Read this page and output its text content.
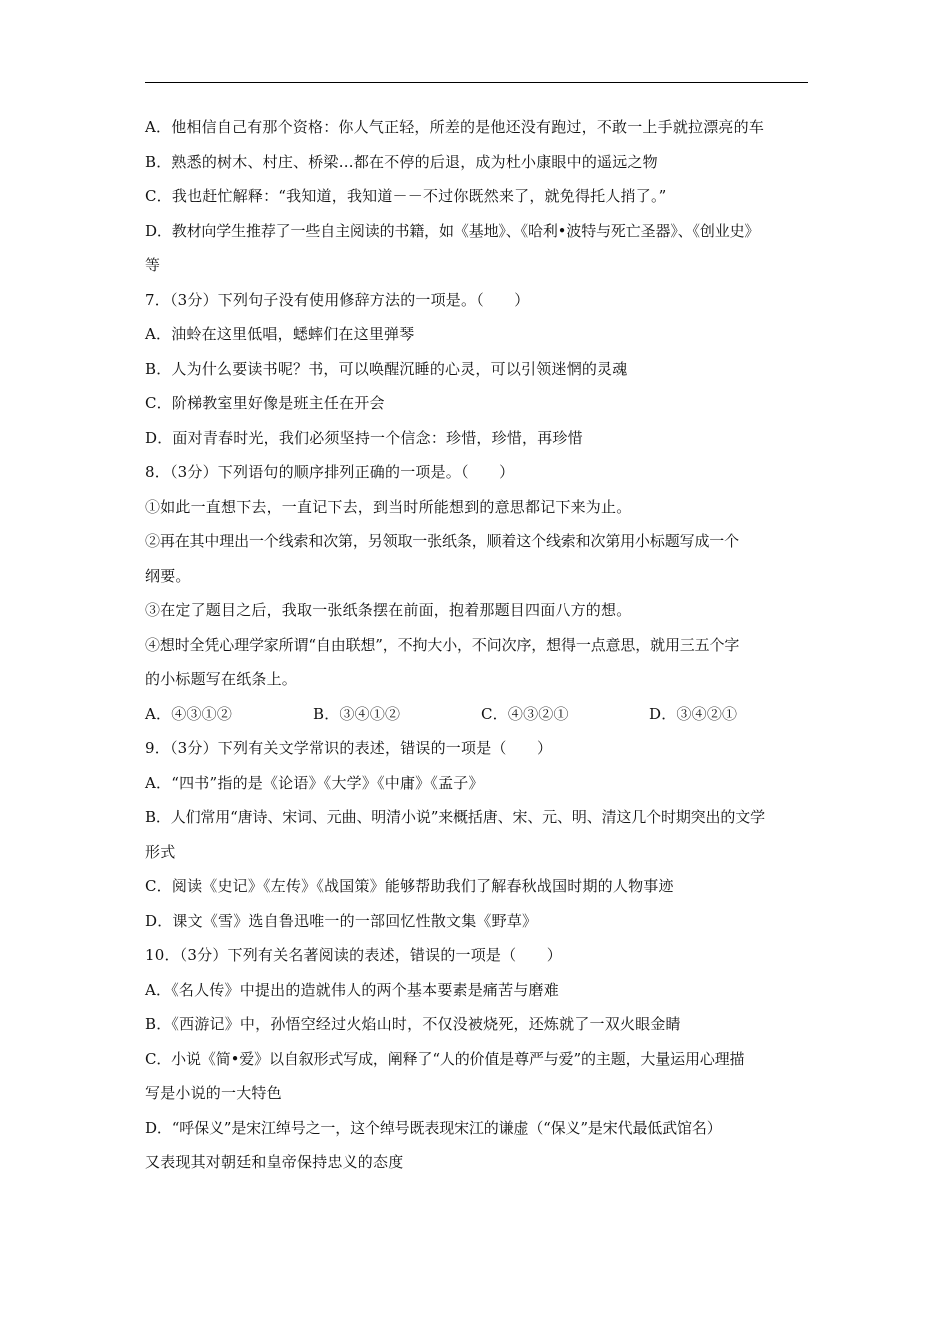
A．他相信自己有那个资格：你人气正轻，所差的是他还没有跑过，不敢一上手就拉漂亮的车
B．熟悉的树木、村庄、桥梁…都在不停的后退，成为杜小康眼中的遥远之物
C．我也赶忙解释：“我知道，我知道－－不过你既然来了，就免得托人捎了。”
D．教材向学生推荐了一些自主阅读的书籍，如《基地》、《哈利•波特与死亡圣器》、《创业史》
等
7．（3分）下列句子没有使用修辞方法的一项是。（　　）
A．油蛉在这里低唱，蟋蟀们在这里弹琴
B．人为什么要读书呢？书，可以唤醒沉睡的心灵，可以引领迷惘的灵魂
C．阶梯教室里好像是班主任在开会
D．面对青春时光，我们必须坚持一个信念：珍惜，珍惜，再珍惜
8．（3分）下列语句的顺序排列正确的一项是。（　　）
①如此一直想下去，一直记下去，到当时所能想到的意思都记下来为止。
②再在其中理出一个线索和次第，另领取一张纸条，顺着这个线索和次第用小标题写成一个
纲要。
③在定了题目之后，我取一张纸条摆在前面，抱着那题目四面八方的想。
④想时全凭心理学家所谓“自由联想”，不拘大小，不问次序，想得一点意思，就用三五个字
的小标题写在纸条上。
A．④③①②	B．③④①②	C．④③②①	D．③④②①
9．（3分）下列有关文学常识的表述，错误的一项是（　　）
A．“四书”指的是《论语》《大学》《中庸》《孟子》
B．人们常用“唐诗、宋词、元曲、明清小说”来概括唐、宋、元、明、清这几个时期突出的文学
形式
C．阅读《史记》《左传》《战国策》能够帮助我们了解春秋战国时期的人物事迹
D．课文《雪》选自鲁迅唯一的一部回忆性散文集《野草》
10．（3分）下列有关名著阅读的表述，错误的一项是（　　）
A．《名人传》中提出的造就伟人的两个基本要素是痛苦与磨难
B．《西游记》中，孙悟空经过火焰山时，不仅没被烧死，还炼就了一双火眼金睛
C．小说《简•爱》以自叙形式写成，阐释了“人的价值是尊严与爱”的主题，大量运用心理描
写是小说的一大特色
D．“呼保义”是宋江绰号之一，这个绰号既表现宋江的谦虚（“保义”是宋代最低武馆名）
又表现其对朝廷和皇帝保持忠义的态度
